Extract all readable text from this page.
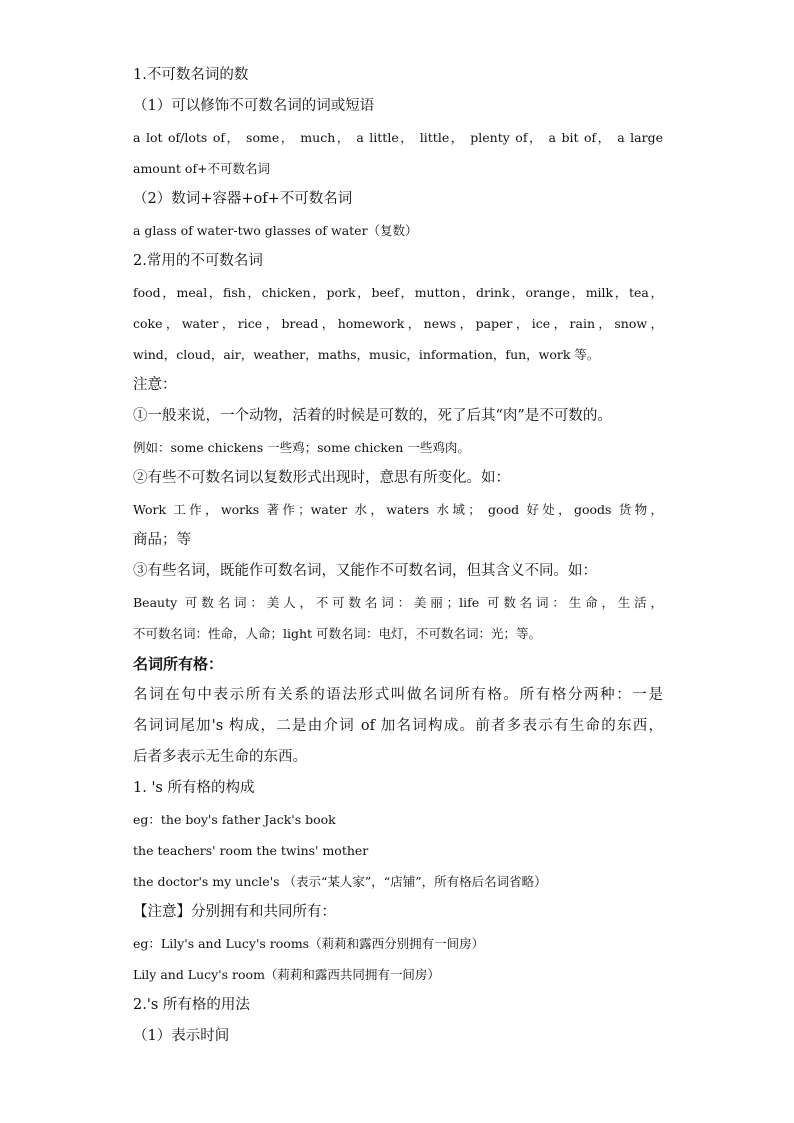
1.不可数名词的数
（1）可以修饰不可数名词的词或短语
a lot of/lots of， some， much， a little， little， plenty of， a bit of， a large
amount of+不可数名词
（2）数词+容器+of+不可数名词
a glass of water-two glasses of water（复数）
2.常用的不可数名词
food，meal，fish，chicken，pork，beef，mutton，drink，orange，milk，tea，
coke，water，rice，bread，homework，news，paper，ice，rain，snow，
wind，cloud，air，weather，maths，music，information，fun，work 等。
注意：
①一般来说，一个动物，活着的时候是可数的，死了后其“肉”是不可数的。
例如：some chickens 一些鸡；some chicken 一些鸡肉。
②有些不可数名词以复数形式出现时，意思有所变化。如：
Work 工作，works 著作；water 水，waters 水域； good 好处，goods 货物，
商品；等
③有些名词，既能作可数名词，又能作不可数名词，但其含义不同。如：
Beauty 可数名词：美人，不可数名词：美丽；life 可数名词：生命，生活，
不可数名词：性命，人命；light 可数名词：电灯，不可数名词：光；等。
名词所有格：
名词在句中表示所有关系的语法形式叫做名词所有格。所有格分两种：一是
名词词尾加's 构成，二是由介词 of 加名词构成。前者多表示有生命的东西，
后者多表示无生命的东西。
1. 's 所有格的构成
eg：the boy's father Jack's book
the teachers' room the twins' mother
the doctor's my uncle's （表示“某人家”，“店铺”，所有格后名词省略）
【注意】分别拥有和共同所有：
eg：Lily's and Lucy's rooms（莉莉和露西分别拥有一间房）
Lily and Lucy's room（莉莉和露西共同拥有一间房）
2.'s 所有格的用法
（1）表示时间
